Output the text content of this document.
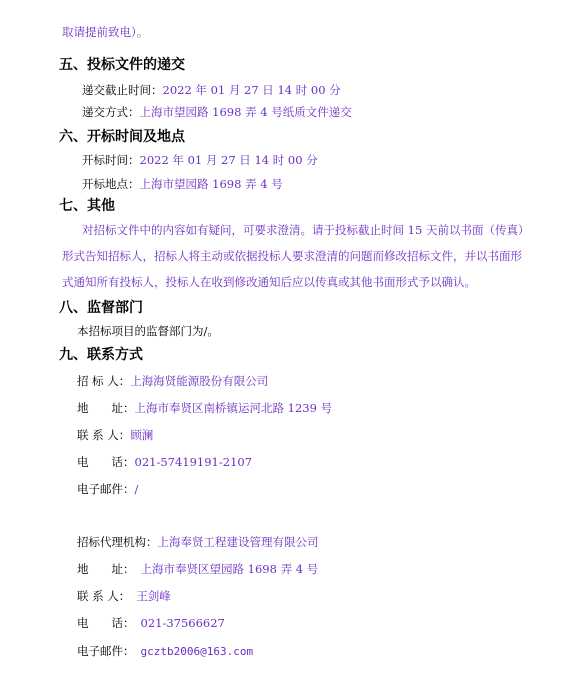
取请提前致电）。
五、投标文件的递交
递交截止时间：2022 年 01 月 27 日 14 时 00 分
递交方式：上海市望园路 1698 弄 4 号纸质文件递交
六、开标时间及地点
开标时间：2022 年 01 月 27 日 14 时 00 分
开标地点：上海市望园路 1698 弄 4 号
七、其他
对招标文件中的内容如有疑问，可要求澄清。请于投标截止时间 15 天前以书面（传真）
形式告知招标人，招标人将主动或依据投标人要求澄清的问题而修改招标文件，并以书面形
式通知所有投标人，投标人在收到修改通知后应以传真或其他书面形式予以确认。
八、监督部门
本招标项目的监督部门为/。
九、联系方式
招 标 人：上海海贤能源股份有限公司
地　　址：上海市奉贤区南桥镇运河北路 1239 号
联 系 人：顾澜
电　　话：021-57419191-2107
电子邮件：/
招标代理机构：上海奉贤工程建设管理有限公司
地　　址： 上海市奉贤区望园路 1698 弄 4 号
联 系 人： 王剑峰
电　　话： 021-37566627
电子邮件： gcztb2006@163.com
